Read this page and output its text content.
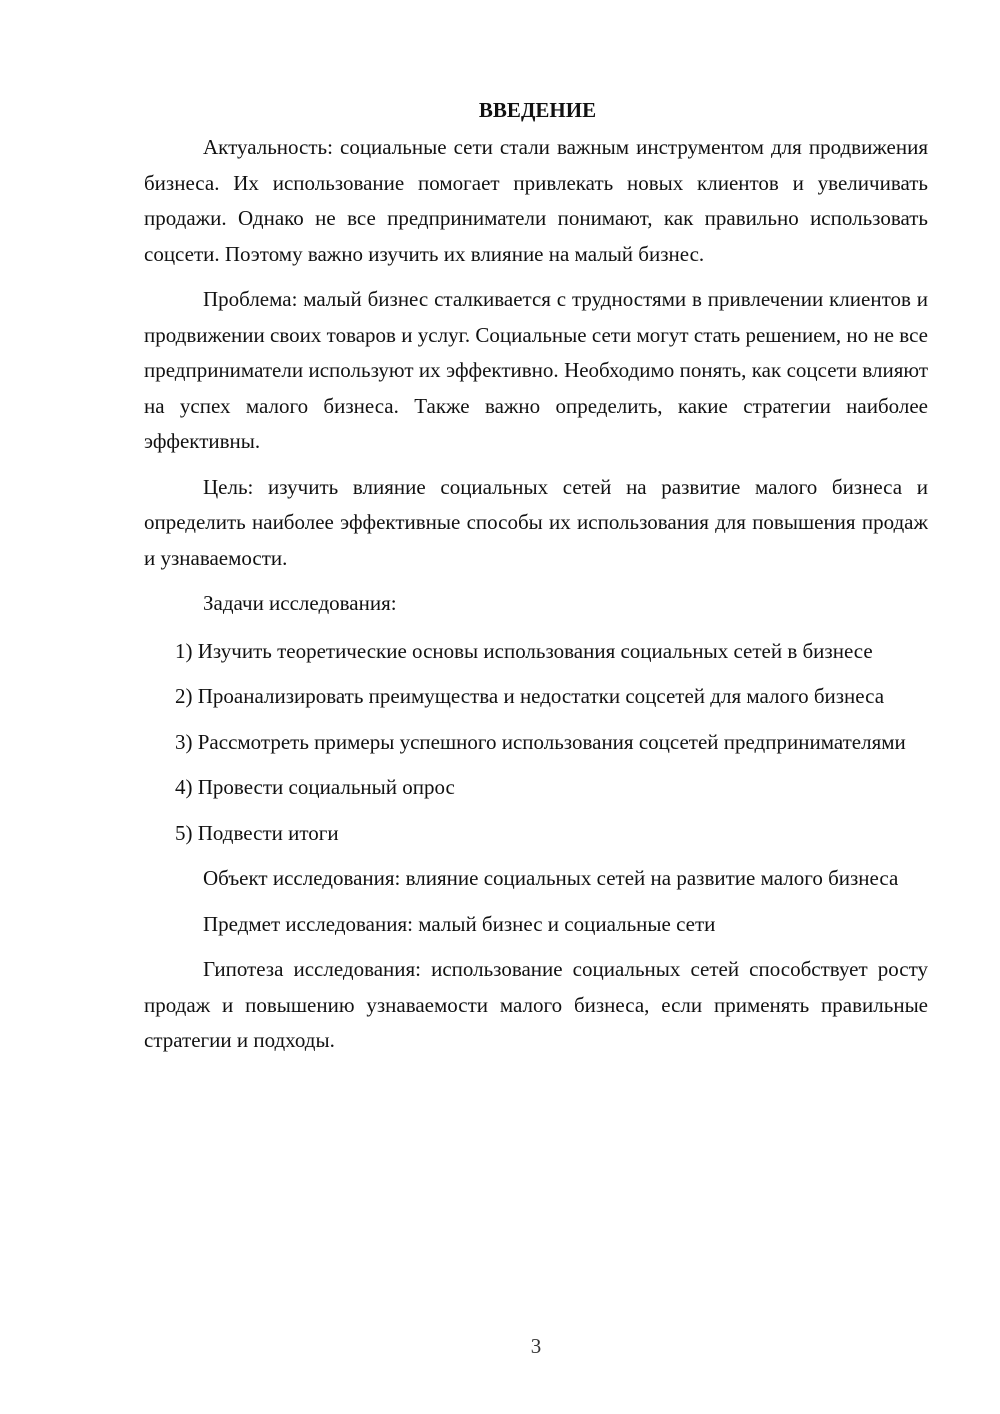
ВВЕДЕНИЕ

Актуальность: социальные сети стали важным инструментом для продвижения бизнеса. Их использование помогает привлекать новых клиентов и увеличивать продажи. Однако не все предприниматели понимают, как правильно использовать соцсети. Поэтому важно изучить их влияние на малый бизнес.

Проблема: малый бизнес сталкивается с трудностями в привлечении клиентов и продвижении своих товаров и услуг. Социальные сети могут стать решением, но не все предприниматели используют их эффективно. Необходимо понять, как соцсети влияют на успех малого бизнеса. Также важно определить, какие стратегии наиболее эффективны.

Цель: изучить влияние социальных сетей на развитие малого бизнеса и определить наиболее эффективные способы их использования для повышения продаж и узнаваемости.

Задачи исследования:

1) Изучить теоретические основы использования социальных сетей в бизнесе

2) Проанализировать преимущества и недостатки соцсетей для малого бизнеса

3) Рассмотреть примеры успешного использования соцсетей предпринимателями

4) Провести социальный опрос

5) Подвести итоги

Объект исследования: влияние социальных сетей на развитие малого бизнеса

Предмет исследования: малый бизнес и социальные сети

Гипотеза исследования: использование социальных сетей способствует росту продаж и повышению узнаваемости малого бизнеса, если применять правильные стратегии и подходы.

3
